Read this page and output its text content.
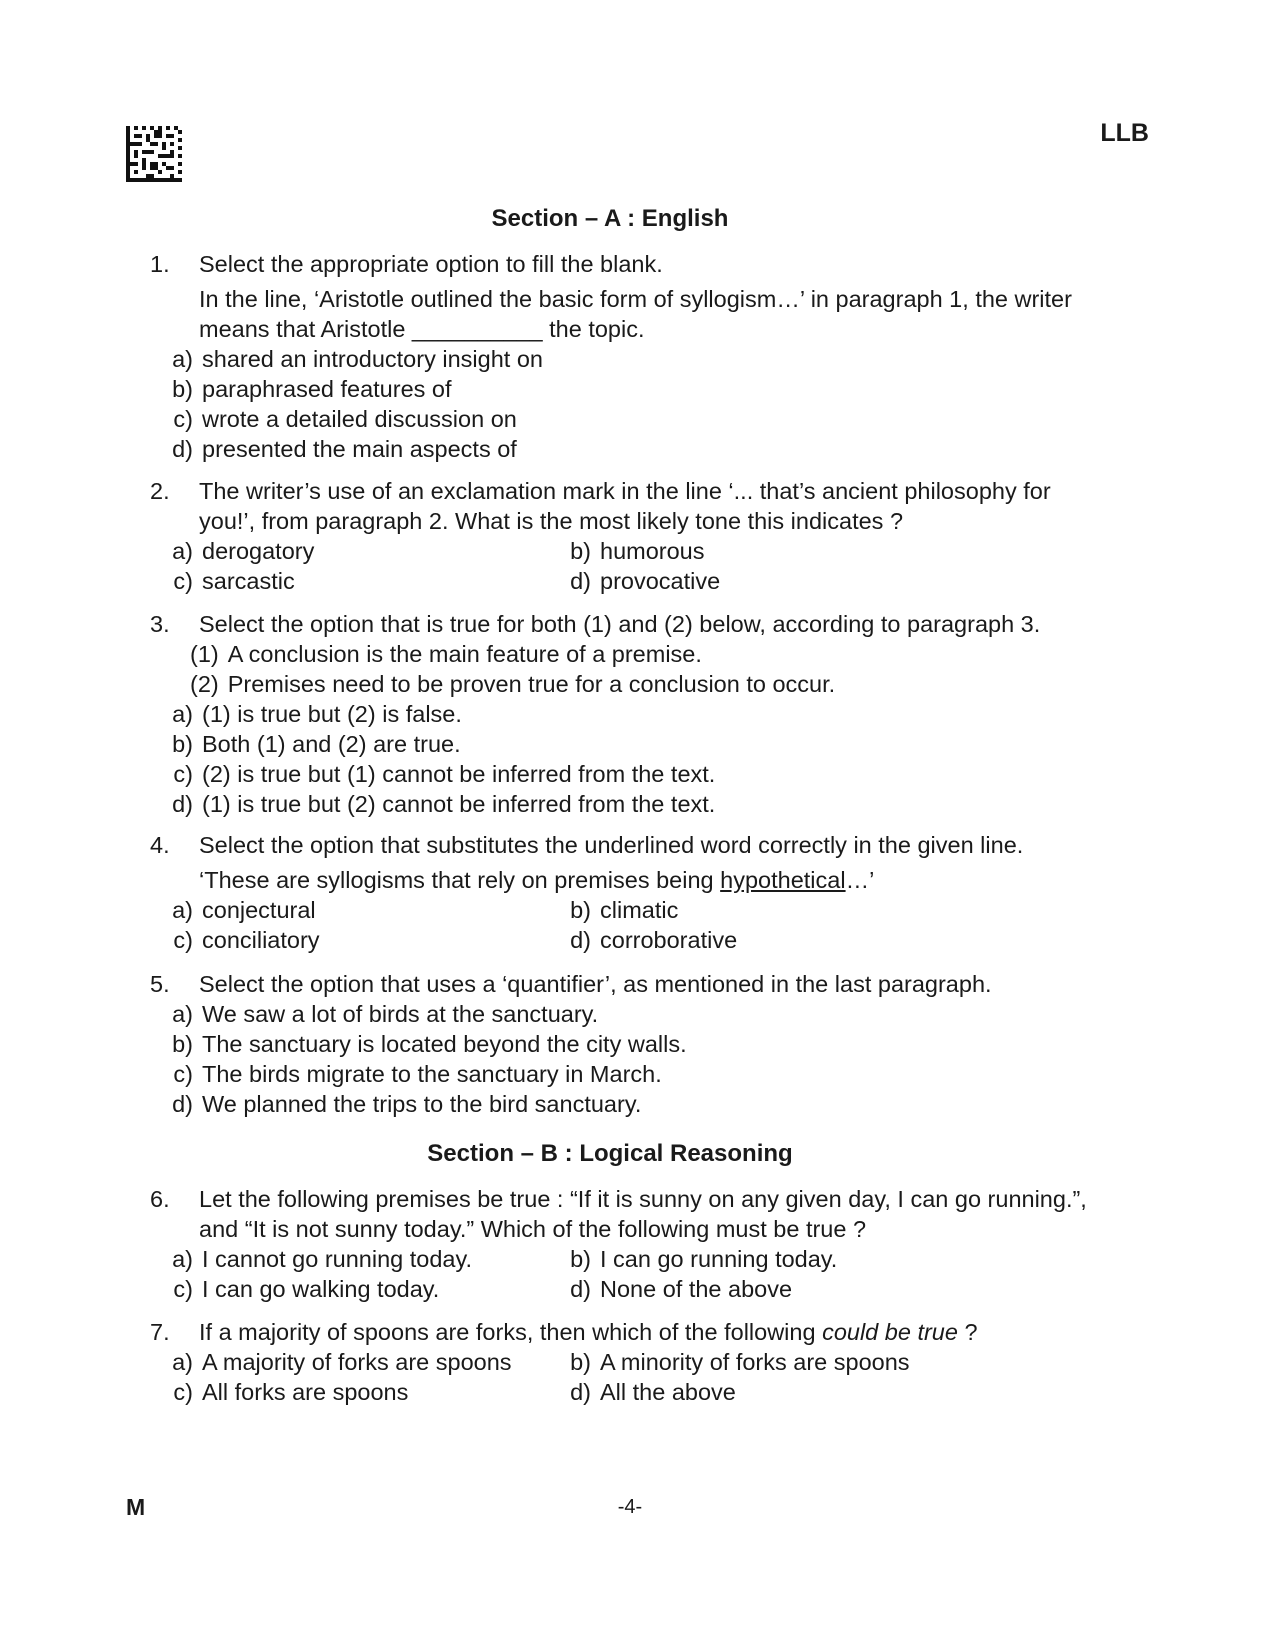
LLB
Section – A : English
1. Select the appropriate option to fill the blank.
In the line, ‘Aristotle outlined the basic form of syllogism…’ in paragraph 1, the writer
means that Aristotle __________ the topic.
a) shared an introductory insight on
b) paraphrased features of
c) wrote a detailed discussion on
d) presented the main aspects of
2. The writer’s use of an exclamation mark in the line ‘... that’s ancient philosophy for
you!’, from paragraph 2. What is the most likely tone this indicates ?
a) derogatory	b) humorous
c) sarcastic	d) provocative
3. Select the option that is true for both (1) and (2) below, according to paragraph 3.
(1) A conclusion is the main feature of a premise.
(2) Premises need to be proven true for a conclusion to occur.
a) (1) is true but (2) is false.
b) Both (1) and (2) are true.
c) (2) is true but (1) cannot be inferred from the text.
d) (1) is true but (2) cannot be inferred from the text.
4. Select the option that substitutes the underlined word correctly in the given line.
‘These are syllogisms that rely on premises being hypothetical…’
a) conjectural	b) climatic
c) conciliatory	d) corroborative
5. Select the option that uses a ‘quantifier’, as mentioned in the last paragraph.
a) We saw a lot of birds at the sanctuary.
b) The sanctuary is located beyond the city walls.
c) The birds migrate to the sanctuary in March.
d) We planned the trips to the bird sanctuary.
Section – B : Logical Reasoning
6. Let the following premises be true : “If it is sunny on any given day, I can go running.”,
and “It is not sunny today.” Which of the following must be true ?
a) I cannot go running today.	b) I can go running today.
c) I can go walking today.	d) None of the above
7. If a majority of spoons are forks, then which of the following could be true ?
a) A majority of forks are spoons	b) A minority of forks are spoons
c) All forks are spoons	d) All the above
M	-4-
